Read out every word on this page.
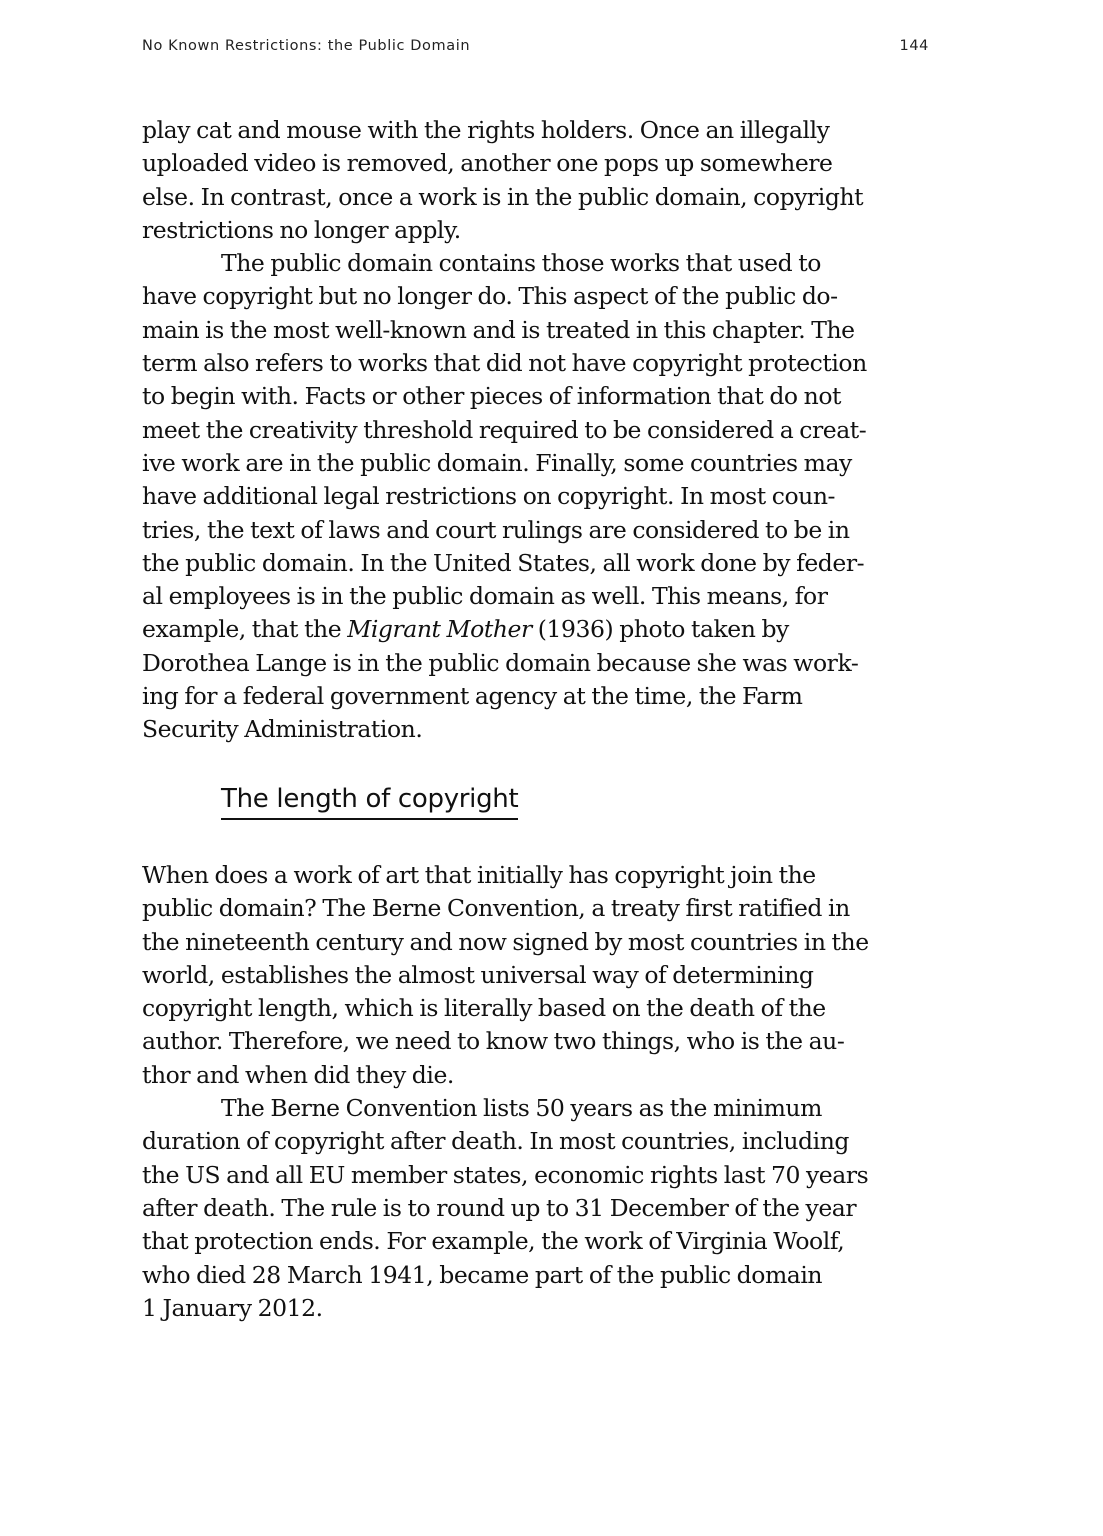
No Known Restrictions: the Public Domain	144
play cat and mouse with the rights holders. Once an illegally
uploaded video is removed, another one pops up somewhere
else. In contrast, once a work is in the public domain, copyright
restrictions no longer apply.
The public domain contains those works that used to
have copyright but no longer do. This aspect of the public do-
main is the most well-known and is treated in this chapter. The
term also refers to works that did not have copyright protection
to begin with. Facts or other pieces of information that do not
meet the creativity threshold required to be considered a creat-
ive work are in the public domain. Finally, some countries may
have additional legal restrictions on copyright. In most coun-
tries, the text of laws and court rulings are considered to be in
the public domain. In the United States, all work done by feder-
al employees is in the public domain as well. This means, for
example, that the Migrant Mother (1936) photo taken by
Dorothea Lange is in the public domain because she was work-
ing for a federal government agency at the time, the Farm
Security Administration.
The length of copyright
When does a work of art that initially has copyright join the
public domain? The Berne Convention, a treaty first ratified in
the nineteenth century and now signed by most countries in the
world, establishes the almost universal way of determining
copyright length, which is literally based on the death of the
author. Therefore, we need to know two things, who is the au-
thor and when did they die.
The Berne Convention lists 50 years as the minimum
duration of copyright after death. In most countries, including
the US and all EU member states, economic rights last 70 years
after death. The rule is to round up to 31 December of the year
that protection ends. For example, the work of Virginia Woolf,
who died 28 March 1941, became part of the public domain
1 January 2012.
